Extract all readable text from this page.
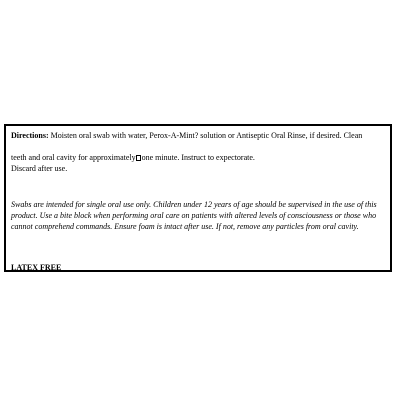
Directions: Moisten oral swab with water, Perox-A-Mint? solution or Antiseptic Oral Rinse, if desired. Clean
teeth and oral cavity for approximately one minute. Instruct to expectorate.
Discard after use.

Swabs are intended for single oral use only. Children under 12 years of age should be supervised in the use of this product. Use a bite block when performing oral care on patients with altered levels of consciousness or those who cannot comprehend commands. Ensure foam is intact after use. If not, remove any particles from oral cavity.

LATEX FREE
